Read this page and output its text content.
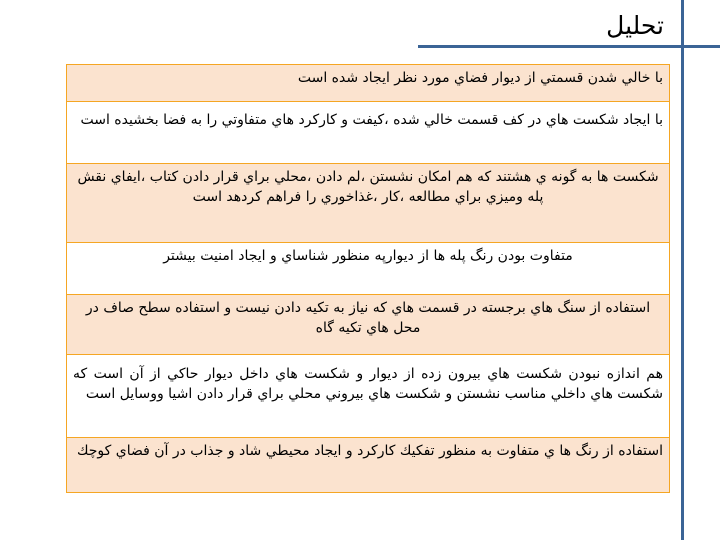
تحليل
با خالي شدن قسمتي از ديوار فضاي مورد نظر ايجاد شده است
با ايجاد شكست هاي در كف قسمت خالي شده ،كيفت و كاركرد هاي متفاوتي را به فضا بخشيده است
شكست ها به گونه ي هشتند كه هم امكان نشستن ،لم دادن ،محلي براي قرار دادن كتاب ،ايفاي نقش پله وميزي براي مطالعه ،كار ،غذاخوري را فراهم كردهد است
متفاوت بودن رنگ پله ها از ديوارپه منظور شناساي و ايجاد امنيت بيشتر
استفاده از سنگ هاي برجسته در قسمت هاي كه نياز به تكيه دادن نيست و استفاده سطح صاف در محل هاي تكيه گاه
هم اندازه نبودن شكست هاي بيرون زده از ديوار و شكست هاي داخل ديوار حاكي از آن است كه شكست هاي داخلي مناسب نشستن و شكست هاي بيروني محلي براي قرار دادن اشيا ووسايل است
استفاده از رنگ ها ي متفاوت به منظور تفكيك كاركرد و ايجاد محيطي شاد و جذاب در آن فضاي كوچك
